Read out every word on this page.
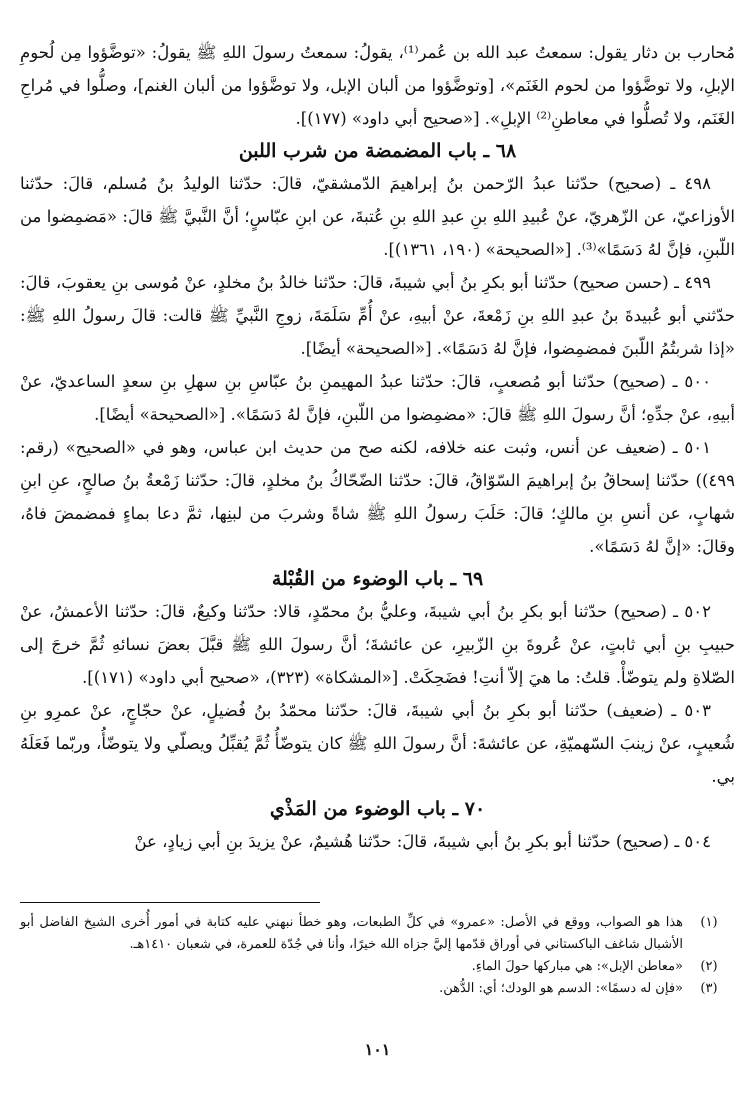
مُحارب بن دثار يقول: سمعتُ عبد الله بن عُمر⁽¹⁾، يقولُ: سمعتُ رسولَ اللهِ ﷺ يقولُ: «توضَّؤوا مِن لُحومِ الإبلِ، ولا توضَّؤوا من لحوم الغَنَم»، [وتوضَّؤوا من ألبان الإبل، ولا توضَّؤوا من ألبان الغنم]، وصلُّوا في مُراحِ الغَنَم، ولا تُصلُّوا في معاطنِ⁽²⁾ الإبلِ». [«صحيح أبي داود» (١٧٧)].

٦٨ ـ باب المضمضة من شرب اللبن

٤٩٨ ـ (صحيح) حدّثنا عبدُ الرّحمن بنُ إبراهيمَ الدّمشقيّ، قالَ: حدّثنا الوليدُ بنُ مُسلم، قالَ: حدّثنا الأوزاعيّ، عن الزّهريّ، عنْ عُبيدِ اللهِ بنِ عبدِ اللهِ بنِ عُتبةَ، عن ابنِ عبّاسٍ؛ أنَّ النَّبيَّ ﷺ قالَ: «مَضمِضوا من اللّبنِ، فإنَّ لهُ دَسَمًا»⁽³⁾. [«الصحيحة» (١٩٠، ١٣٦١)].

٤٩٩ ـ (حسن صحيح) حدّثنا أبو بكرِ بنُ أبي شيبةَ، قالَ: حدّثنا خالدُ بنُ مخلدٍ، عنْ مُوسى بنِ يعقوبَ، قالَ: حدّثني أبو عُبيدةَ بنُ عبدِ اللهِ بنِ زَمْعةَ، عنْ أبيهِ، عنْ أُمِّ سَلَمَةَ، زوجِ النَّبيِّ ﷺ قالت: قالَ رسولُ اللهِ ﷺ: «إذا شربتُمُ اللّبنَ فمضمِضوا، فإنَّ لهُ دَسَمًا». [«الصحيحة» أيضًا].

٥٠٠ ـ (صحيح) حدّثنا أبو مُصعبٍ، قالَ: حدّثنا عبدُ المهيمنِ بنُ عبّاسِ بنِ سهلِ بنِ سعدٍ الساعديّ، عنْ أبيهِ، عنْ جدِّهِ؛ أنَّ رسولَ اللهِ ﷺ قالَ: «مضمِضوا من اللّبنِ، فإنَّ لهُ دَسَمًا». [«الصحيحة» أيضًا].

٥٠١ ـ (ضعيف عن أنس، وثبت عنه خلافه، لكنه صح من حديث ابن عباس، وهو في «الصحيح» (رقم: ٤٩٩)) حدّثنا إسحاقُ بنُ إبراهيمَ السّوّاقُ، قالَ: حدّثنا الضّحّاكُ بنُ مخلدٍ، قالَ: حدّثنا زَمْعةُ بنُ صالحٍ، عنِ ابنِ شهابٍ، عن أنسِ بنِ مالكٍ؛ قالَ: حَلَبَ رسولُ اللهِ ﷺ شاةً وشربَ من لبنِها، ثمَّ دعا بماءٍ فمضمضَ فاهُ، وقالَ: «إنَّ لهُ دَسَمًا».

٦٩ ـ باب الوضوء من القُبْلة

٥٠٢ ـ (صحيح) حدّثنا أبو بكرِ بنُ أبي شيبةَ، وعليُّ بنُ محمّدٍ، قالا: حدّثنا وكيعٌ، قالَ: حدّثنا الأعمشُ، عنْ حبيبِ بنِ أبي ثابتٍ، عنْ عُروةَ بنِ الزّبيرِ، عن عائشةَ؛ أنَّ رسولَ اللهِ ﷺ قبَّلَ بعضَ نسائهِ ثُمَّ خرجَ إلى الصّلاةِ ولم يتوضّأْ. قلتُ: ما هيَ إلاّ أنتِ! فضَحِكَتْ. [«المشكاة» (٣٢٣)، «صحيح أبي داود» (١٧١)].

٥٠٣ ـ (ضعيف) حدّثنا أبو بكرِ بنُ أبي شيبةَ، قالَ: حدّثنا محمّدُ بنُ فُضيلٍ، عنْ حجّاجٍ، عنْ عمرِو بنِ شُعيبٍ، عنْ زينبَ السّهميّةِ، عن عائشةَ: أنَّ رسولَ اللهِ ﷺ كان يتوضّأُ ثُمَّ يُقبِّلُ ويصلّي ولا يتوضّأُ، وربّما فَعَلَهُ بي.

٧٠ ـ باب الوضوء من المَذْي

٥٠٤ ـ (صحيح) حدّثنا أبو بكرِ بنُ أبي شيبةَ، قالَ: حدّثنا هُشيمٌ، عنْ يزيدَ بنِ أبي زيادٍ، عنْ

(١)
هذا هو الصواب، ووقع في الأصل: «عمرو» في كلِّ الطبعات، وهو خطأ نبهني عليه كتابة في أمور أُخرى الشيخ الفاضل أبو الأشبال شاغف الباكستاني في أوراق قدّمها إليَّ جزاه الله خيرًا، وأنا في جُدّة للعمرة، في شعبان ١٤١٠هـ.
(٢)
«معاطن الإبل»: هي مباركها حولَ الماءِ.
(٣)
«فإن له دسمًا»: الدسم هو الودك؛ أي: الدُّهن.
١٠١
